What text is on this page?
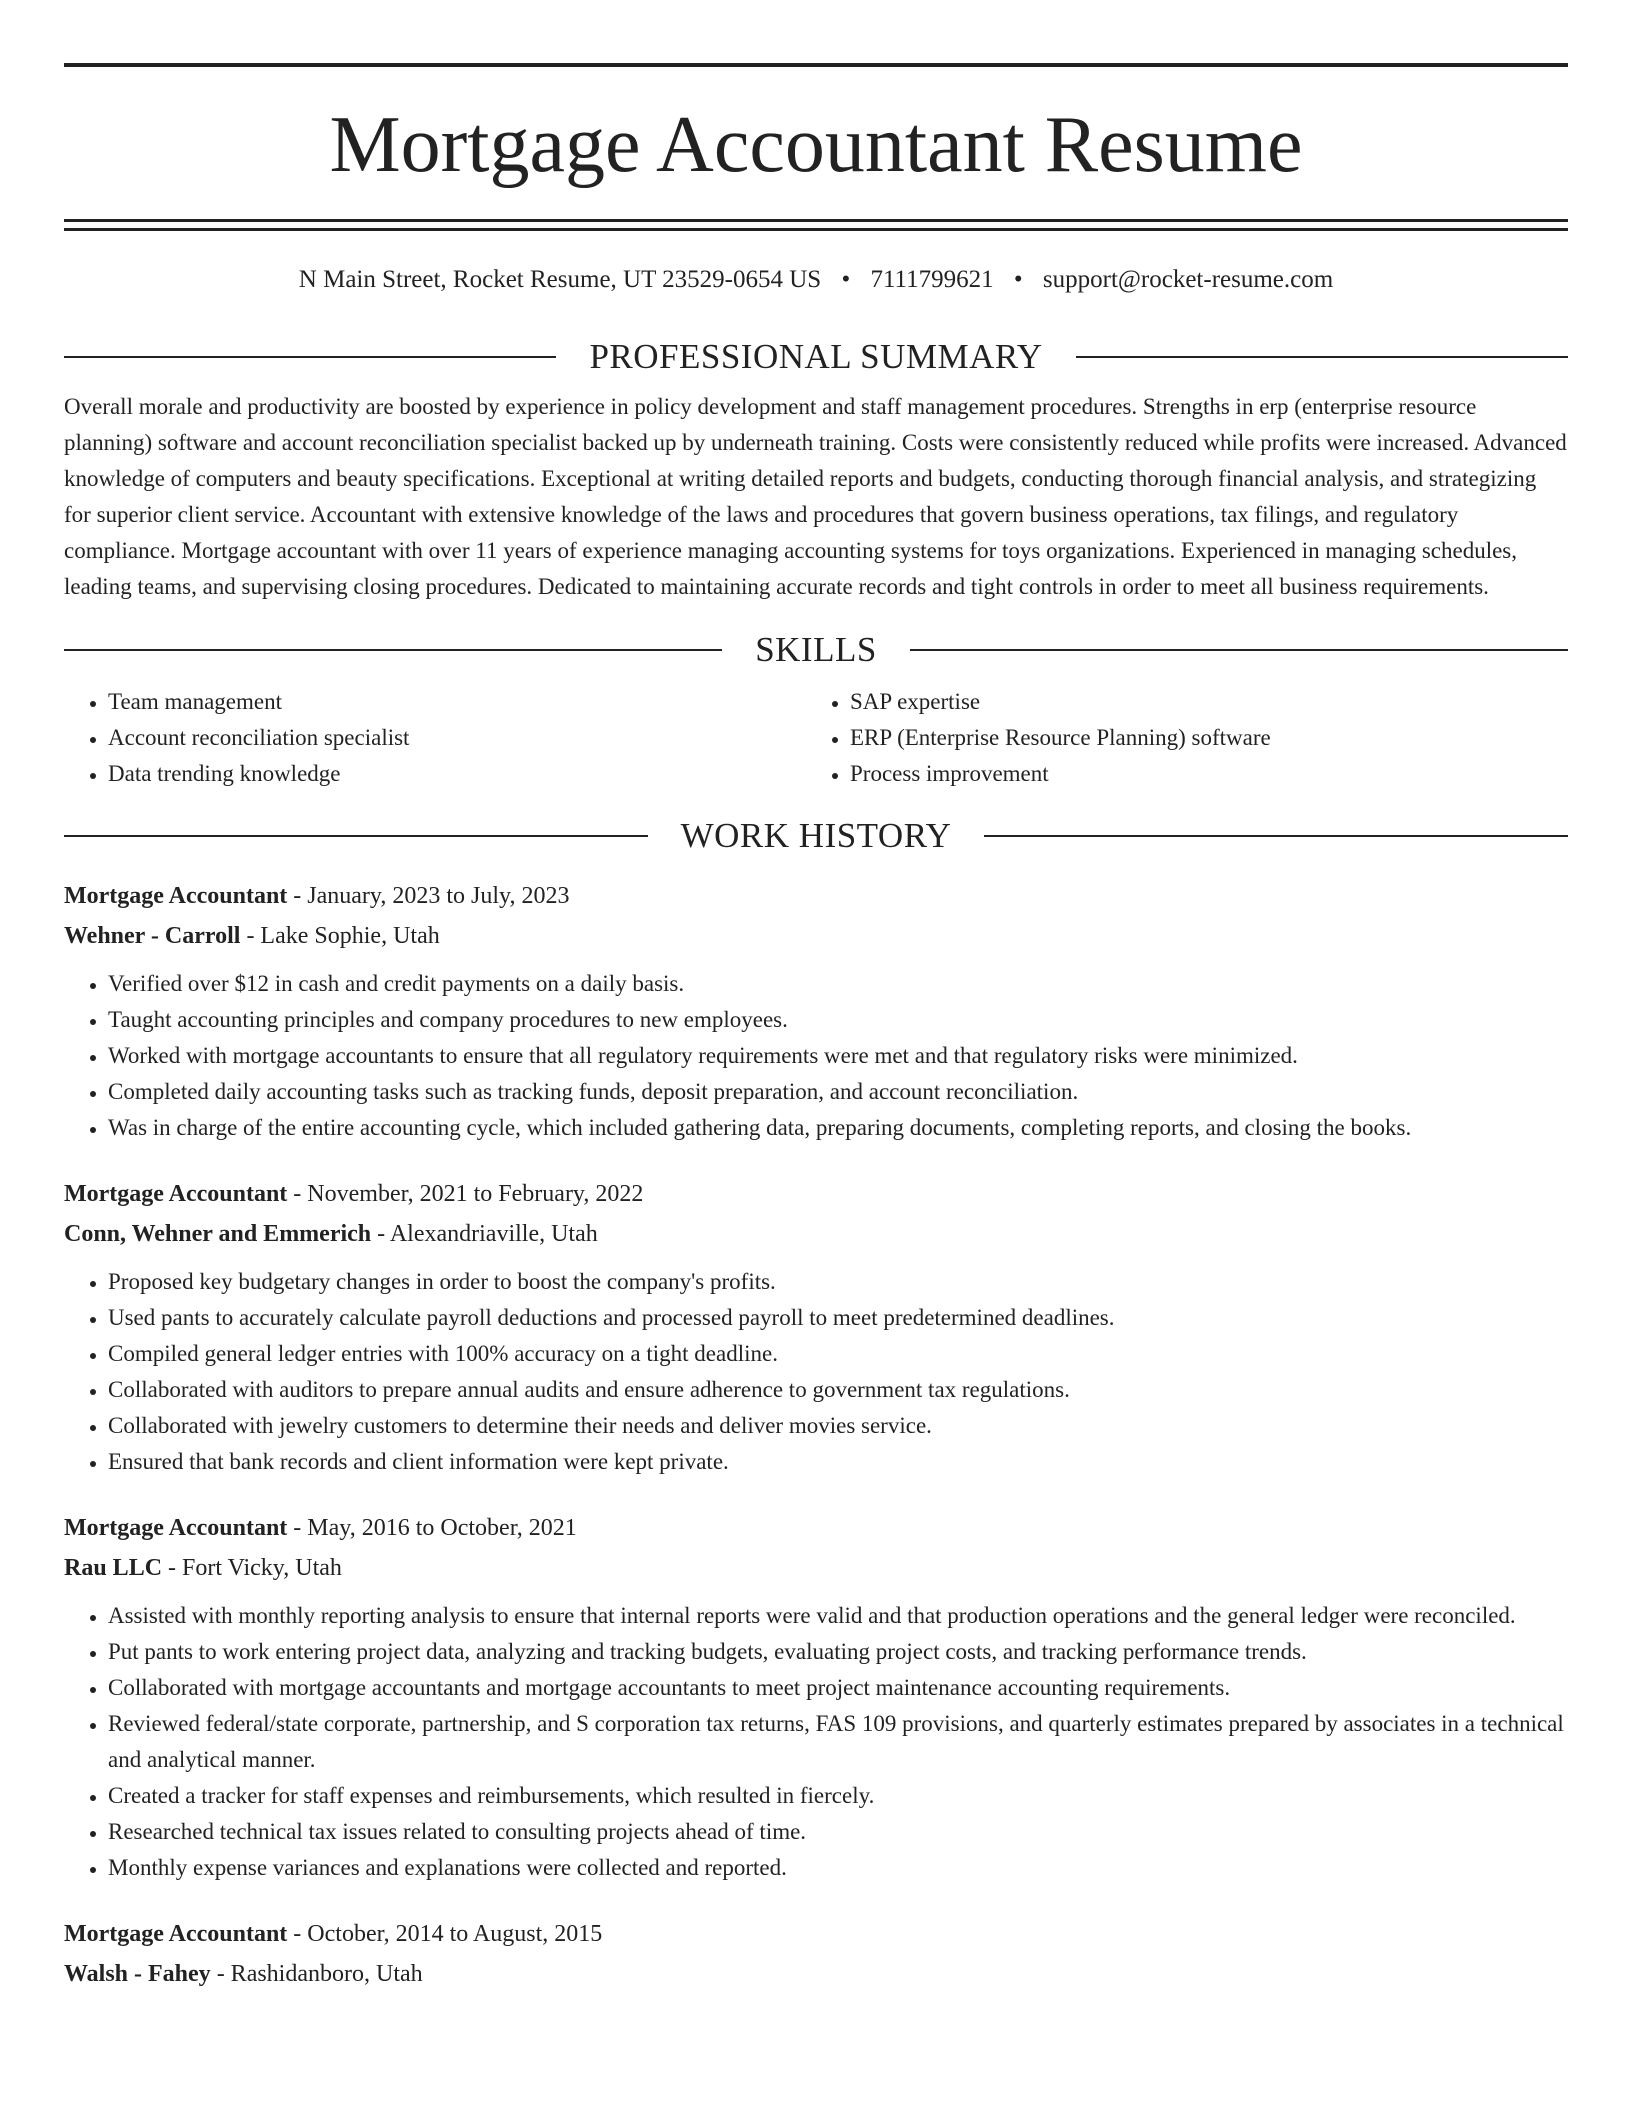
Mortgage Accountant Resume
N Main Street, Rocket Resume, UT 23529-0654 US • 7111799621 • support@rocket-resume.com
PROFESSIONAL SUMMARY

Overall morale and productivity are boosted by experience in policy development and staff management procedures. Strengths in erp (enterprise resource planning) software and account reconciliation specialist backed up by underneath training. Costs were consistently reduced while profits were increased. Advanced knowledge of computers and beauty specifications. Exceptional at writing detailed reports and budgets, conducting thorough financial analysis, and strategizing for superior client service. Accountant with extensive knowledge of the laws and procedures that govern business operations, tax filings, and regulatory compliance. Mortgage accountant with over 11 years of experience managing accounting systems for toys organizations. Experienced in managing schedules, leading teams, and supervising closing procedures. Dedicated to maintaining accurate records and tight controls in order to meet all business requirements.

SKILLS
• Team management
• Account reconciliation specialist
• Data trending knowledge
• SAP expertise
• ERP (Enterprise Resource Planning) software
• Process improvement
WORK HISTORY
Mortgage Accountant - January, 2023 to July, 2023
Wehner - Carroll - Lake Sophie, Utah
• Verified over $12 in cash and credit payments on a daily basis.
• Taught accounting principles and company procedures to new employees.
• Worked with mortgage accountants to ensure that all regulatory requirements were met and that regulatory risks were minimized.
• Completed daily accounting tasks such as tracking funds, deposit preparation, and account reconciliation.
• Was in charge of the entire accounting cycle, which included gathering data, preparing documents, completing reports, and closing the books.
Mortgage Accountant - November, 2021 to February, 2022
Conn, Wehner and Emmerich - Alexandriaville, Utah
• Proposed key budgetary changes in order to boost the company's profits.
• Used pants to accurately calculate payroll deductions and processed payroll to meet predetermined deadlines.
• Compiled general ledger entries with 100% accuracy on a tight deadline.
• Collaborated with auditors to prepare annual audits and ensure adherence to government tax regulations.
• Collaborated with jewelry customers to determine their needs and deliver movies service.
• Ensured that bank records and client information were kept private.
Mortgage Accountant - May, 2016 to October, 2021
Rau LLC - Fort Vicky, Utah
• Assisted with monthly reporting analysis to ensure that internal reports were valid and that production operations and the general ledger were reconciled.
• Put pants to work entering project data, analyzing and tracking budgets, evaluating project costs, and tracking performance trends.
• Collaborated with mortgage accountants and mortgage accountants to meet project maintenance accounting requirements.
• Reviewed federal/state corporate, partnership, and S corporation tax returns, FAS 109 provisions, and quarterly estimates prepared by associates in a technical and analytical manner.
• Created a tracker for staff expenses and reimbursements, which resulted in fiercely.
• Researched technical tax issues related to consulting projects ahead of time.
• Monthly expense variances and explanations were collected and reported.
Mortgage Accountant - October, 2014 to August, 2015
Walsh - Fahey - Rashidanboro, Utah
